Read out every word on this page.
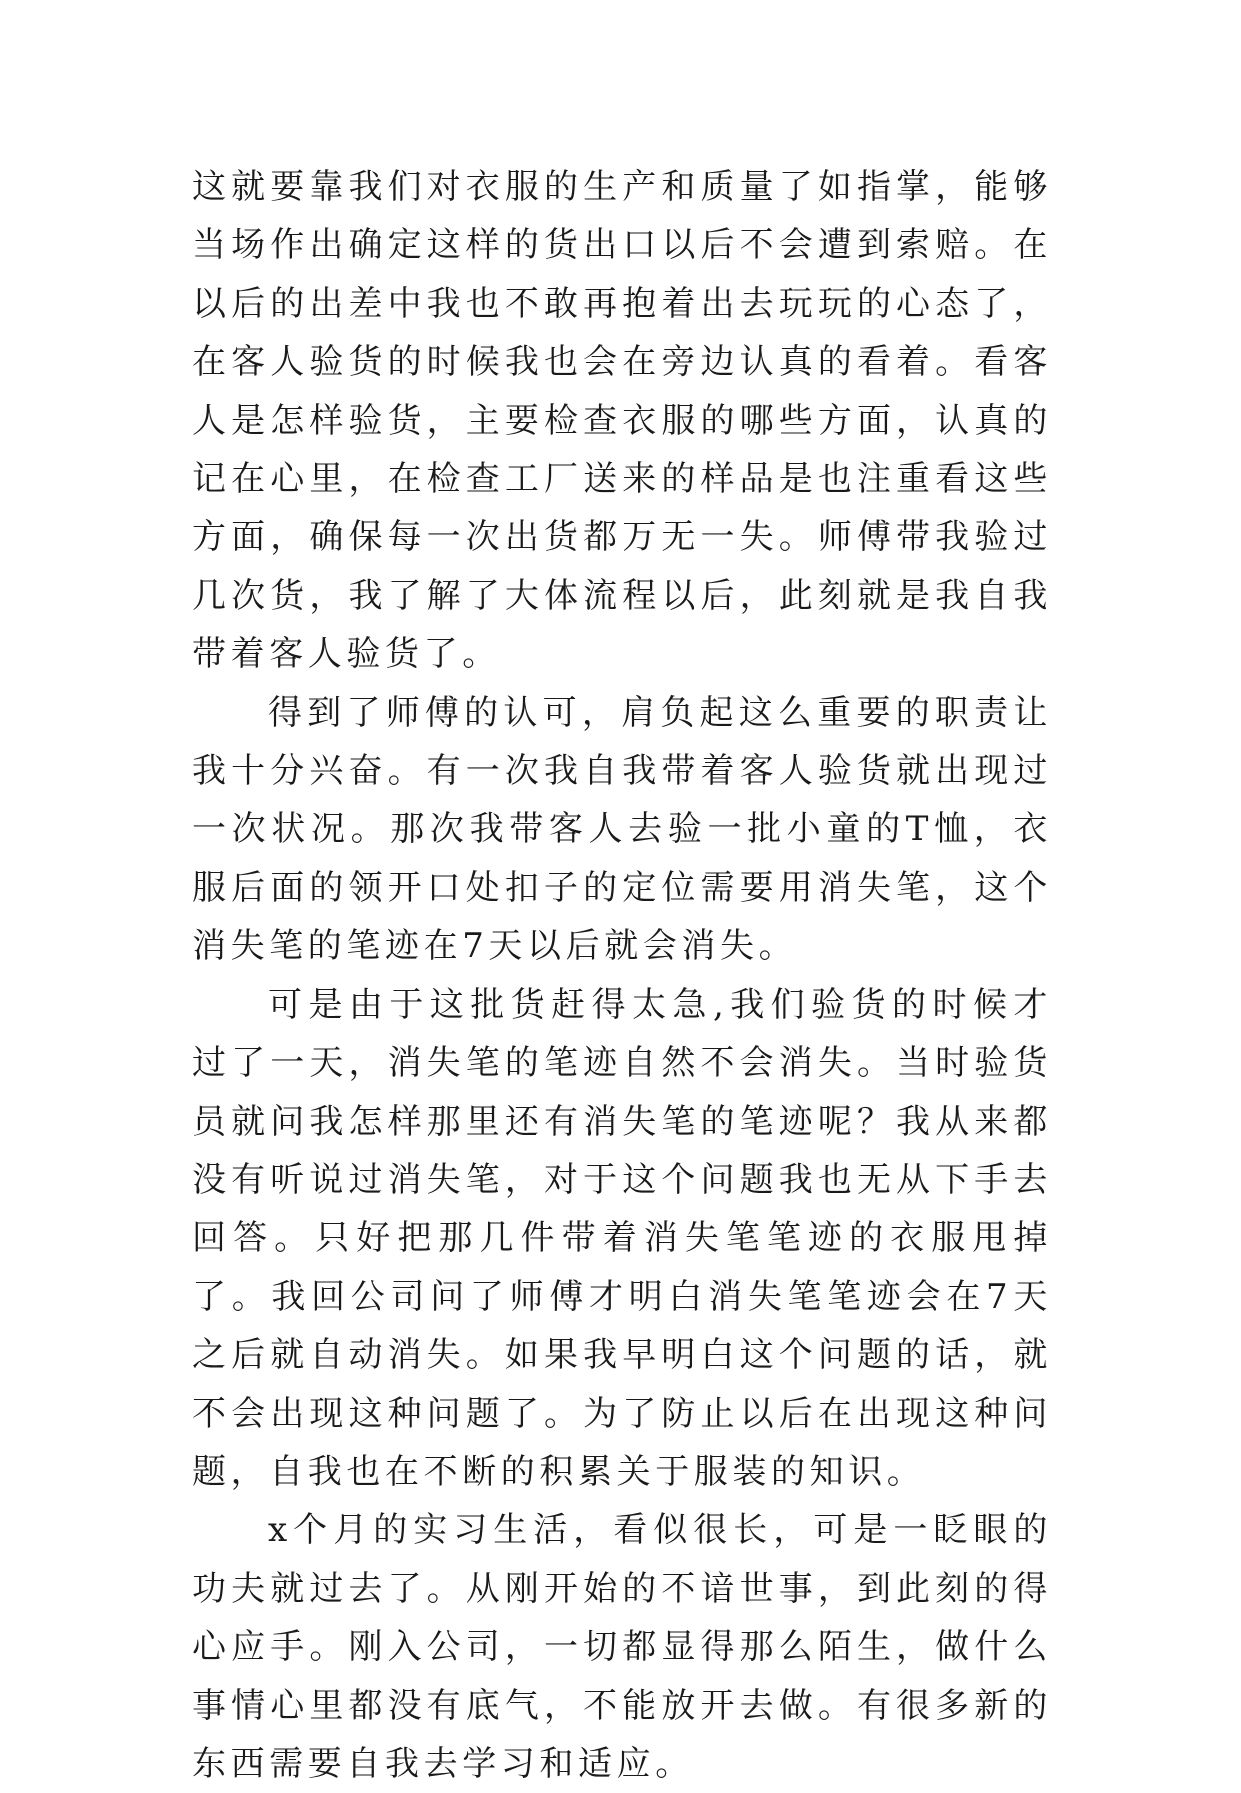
这就要靠我们对衣服的生产和质量了如指掌，能够当场作出确定这样的货出口以后不会遭到索赔。在以后的出差中我也不敢再抱着出去玩玩的心态了，在客人验货的时候我也会在旁边认真的看着。看客人是怎样验货，主要检查衣服的哪些方面，认真的记在心里，在检查工厂送来的样品是也注重看这些方面，确保每一次出货都万无一失。师傅带我验过几次货，我了解了大体流程以后，此刻就是我自我带着客人验货了。

得到了师傅的认可，肩负起这么重要的职责让我十分兴奋。有一次我自我带着客人验货就出现过一次状况。那次我带客人去验一批小童的T恤，衣服后面的领开口处扣子的定位需要用消失笔，这个消失笔的笔迹在7天以后就会消失。

可是由于这批货赶得太急,我们验货的时候才过了一天，消失笔的笔迹自然不会消失。当时验货员就问我怎样那里还有消失笔的笔迹呢？我从来都没有听说过消失笔，对于这个问题我也无从下手去回答。只好把那几件带着消失笔笔迹的衣服甩掉了。我回公司问了师傅才明白消失笔笔迹会在7天之后就自动消失。如果我早明白这个问题的话，就不会出现这种问题了。为了防止以后在出现这种问题，自我也在不断的积累关于服装的知识。

x个月的实习生活，看似很长，可是一眨眼的功夫就过去了。从刚开始的不谙世事，到此刻的得心应手。刚入公司，一切都显得那么陌生，做什么事情心里都没有底气，不能放开去做。有很多新的东西需要自我去学习和适应。
